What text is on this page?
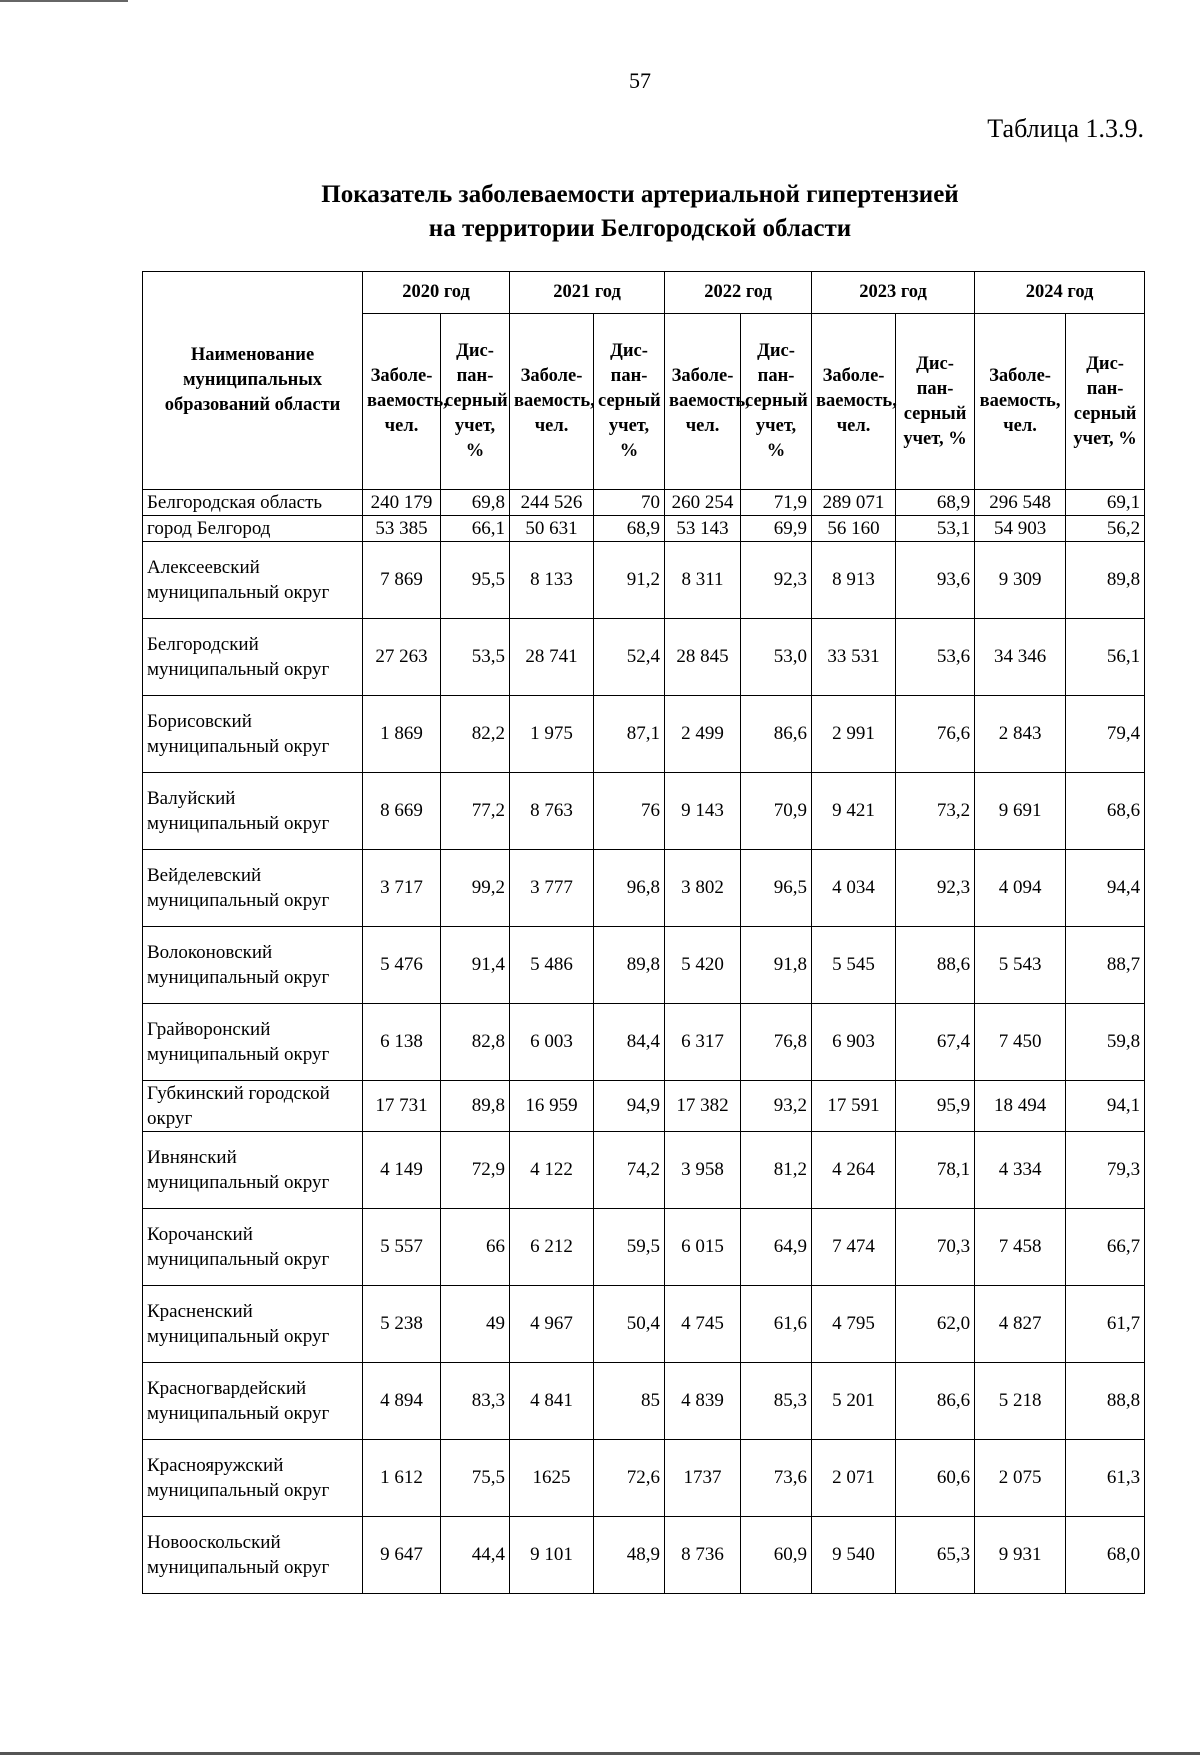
57
Таблица 1.3.9.
Показатель заболеваемости артериальной гипертензией
на территории Белгородской области
Наименование муниципальных образований области	2020 год		2021 год		2022 год		2023 год		2024 год	
	Заболе-ваемость, чел.	Дис-пан-серный учет, %	Заболе-ваемость, чел.	Дис-пан-серный учет, %	Заболе-ваемость, чел.	Дис-пан-серный учет, %	Заболе-ваемость, чел.	Дис-пан-серный учет, %	Заболе-ваемость, чел.	Дис-пан-серный учет, %
Белгородская область	240 179	69,8	244 526	70	260 254	71,9	289 071	68,9	296 548	69,1
город Белгород	53 385	66,1	50 631	68,9	53 143	69,9	56 160	53,1	54 903	56,2
Алексеевский муниципальный округ	7 869	95,5	8 133	91,2	8 311	92,3	8 913	93,6	9 309	89,8
Белгородский муниципальный округ	27 263	53,5	28 741	52,4	28 845	53,0	33 531	53,6	34 346	56,1
Борисовский муниципальный округ	1 869	82,2	1 975	87,1	2 499	86,6	2 991	76,6	2 843	79,4
Валуйский муниципальный округ	8 669	77,2	8 763	76	9 143	70,9	9 421	73,2	9 691	68,6
Вейделевский муниципальный округ	3 717	99,2	3 777	96,8	3 802	96,5	4 034	92,3	4 094	94,4
Волоконовский муниципальный округ	5 476	91,4	5 486	89,8	5 420	91,8	5 545	88,6	5 543	88,7
Грайворонский муниципальный округ	6 138	82,8	6 003	84,4	6 317	76,8	6 903	67,4	7 450	59,8
Губкинский городской округ	17 731	89,8	16 959	94,9	17 382	93,2	17 591	95,9	18 494	94,1
Ивнянский муниципальный округ	4 149	72,9	4 122	74,2	3 958	81,2	4 264	78,1	4 334	79,3
Корочанский муниципальный округ	5 557	66	6 212	59,5	6 015	64,9	7 474	70,3	7 458	66,7
Красненский муниципальный округ	5 238	49	4 967	50,4	4 745	61,6	4 795	62,0	4 827	61,7
Красногвардейский муниципальный округ	4 894	83,3	4 841	85	4 839	85,3	5 201	86,6	5 218	88,8
Краснояружский муниципальный округ	1 612	75,5	1625	72,6	1737	73,6	2 071	60,6	2 075	61,3
Новооскольский муниципальный округ	9 647	44,4	9 101	48,9	8 736	60,9	9 540	65,3	9 931	68,0
